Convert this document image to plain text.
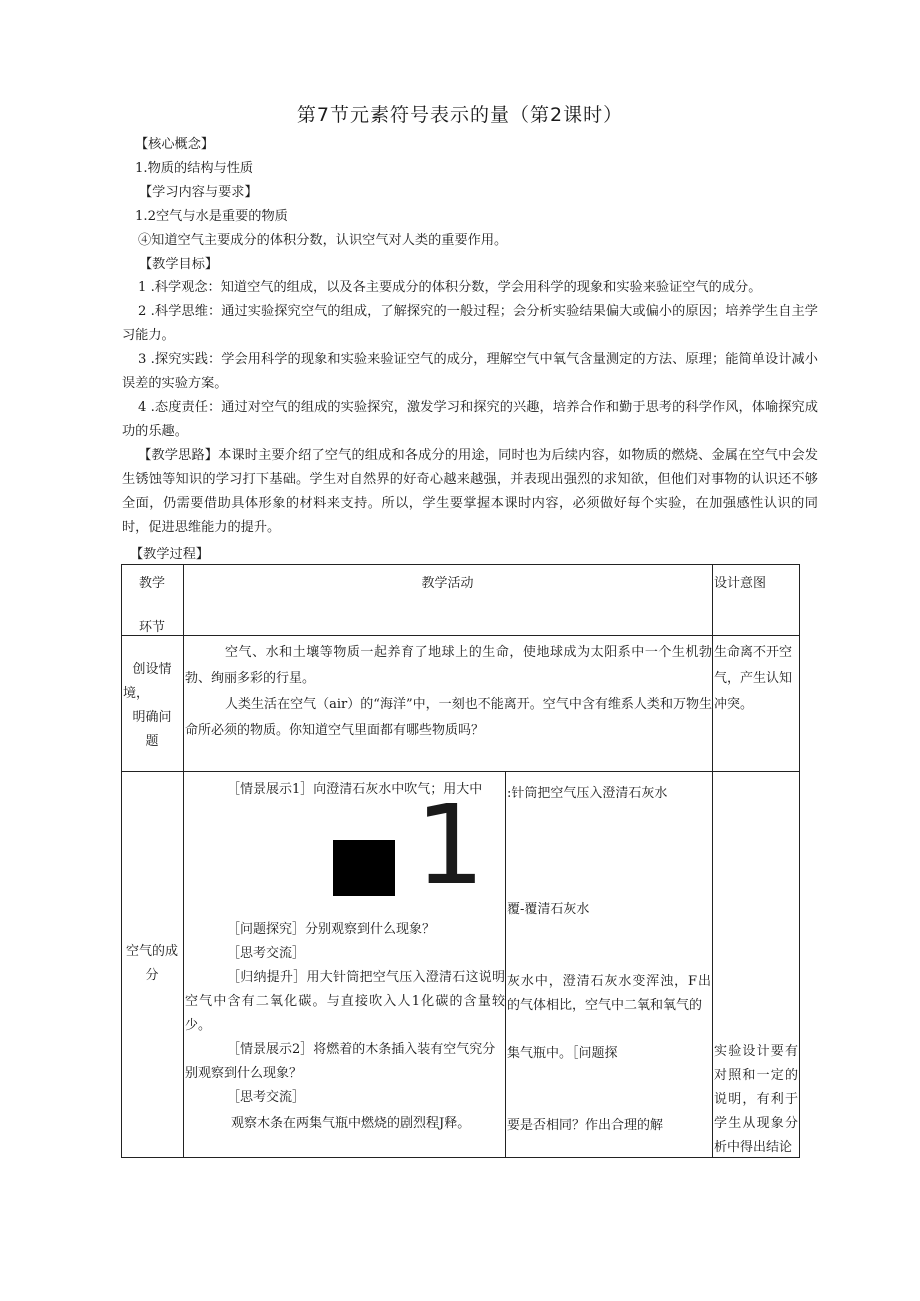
第7节元素符号表示的量（第2课时）
【核心概念】
1.物质的结构与性质
【学习内容与要求】
1.2空气与水是重要的物质
④知道空气主要成分的体积分数，认识空气对人类的重要作用。
【教学目标】
1 .科学观念：知道空气的组成，以及各主要成分的体积分数，学会用科学的现象和实验来验证空气的成分。
2 .科学思维：通过实验探究空气的组成，了解探究的一般过程；会分析实验结果偏大或偏小的原因；培养学生自主学习能力。
3 .探究实践：学会用科学的现象和实验来验证空气的成分，理解空气中氧气含量测定的方法、原理；能简单设计减小误差的实验方案。
4 .态度责任：通过对空气的组成的实验探究，激发学习和探究的兴趣，培养合作和勤于思考的科学作风，体喻探究成功的乐趣。
【教学思路】本课时主要介绍了空气的组成和各成分的用途，同时也为后续内容，如物质的燃烧、金属在空气中会发生锈蚀等知识的学习打下基础。学生对自然界的好奇心越来越强，并表现出强烈的求知欲，但他们对事物的认识还不够全面，仍需要借助具体形象的材料来支持。所以，学生要掌握本课时内容，必须做好每个实验，在加强感性认识的同时，促进思维能力的提升。
【教学过程】
教学
环节
教学活动	设计意图
创设情
境，
明确问
题
空气、水和土壤等物质一起养育了地球上的生命，使地球成为太阳系中一个生机勃勃、绚丽多彩的行星。
人类生活在空气（air）的“海洋”中，一刻也不能离开。空气中含有维系人类和万物生命所必须的物质。你知道空气里面都有哪些物质吗？
生命离不开空气，产生认知冲突。
空气的成
分
［情景展示1］向澄清石灰水中吹气；用大中
1
［问题探究］分别观察到什么现象？
［思考交流］
［归纳提升］用大针筒把空气压入澄清石这说明空气中含有二氧化碳。与直接吹入人1化碳的含量较少。
［情景展示2］将燃着的木条插入装有空气究分别观察到什么现象？
［思考交流］
观察木条在两集气瓶中燃烧的剧烈程J释。
:针筒把空气压入澄清石灰水
覆-覆清石灰水
灰水中，澄清石灰水变浑浊，F出的气体相比，空气中二氧和氧气的
集气瓶中。［问题探
要是否相同？作出合理的解
实验设计要有对照和一定的说明，有利于学生从现象分析中得出结论
